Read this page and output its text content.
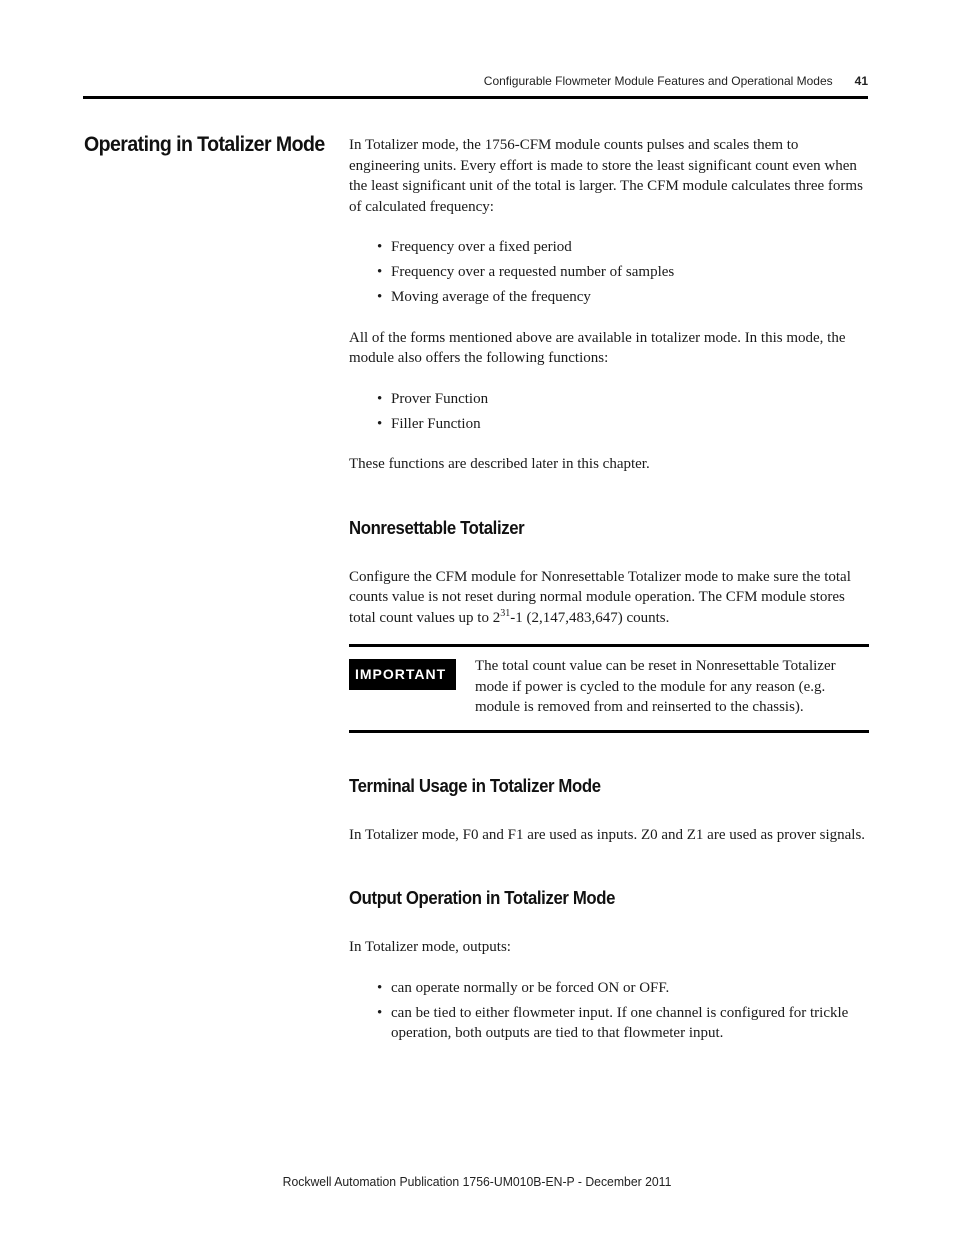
Configurable Flowmeter Module Features and Operational Modes 41
Operating in Totalizer Mode In Totalizer mode, the 1756-CFM module counts pulses and scales them to engineering units. Every effort is made to store the least significant count even when the least significant unit of the total is larger. The CFM module calculates three forms of calculated frequency:

• Frequency over a fixed period
• Frequency over a requested number of samples
• Moving average of the frequency

All of the forms mentioned above are available in totalizer mode. In this mode, the module also offers the following functions:

• Prover Function
• Filler Function

These functions are described later in this chapter.

Nonresettable Totalizer

Configure the CFM module for Nonresettable Totalizer mode to make sure the total counts value is not reset during normal module operation. The CFM module stores total count values up to $2^{31}-1$ (2,147,483,647) counts.

IMPORTANT	The total count value can be reset in Nonresettable Totalizer mode if power is cycled to the module for any reason (e.g. module is removed from and reinserted to the chassis).
Terminal Usage in Totalizer Mode

In Totalizer mode, F0 and F1 are used as inputs. Z0 and Z1 are used as prover signals.

Output Operation in Totalizer Mode

In Totalizer mode, outputs:

• can operate normally or be forced ON or OFF.
• can be tied to either flowmeter input. If one channel is configured for trickle operation, both outputs are tied to that flowmeter input.
Rockwell Automation Publication 1756-UM010B-EN-P - December 2011
